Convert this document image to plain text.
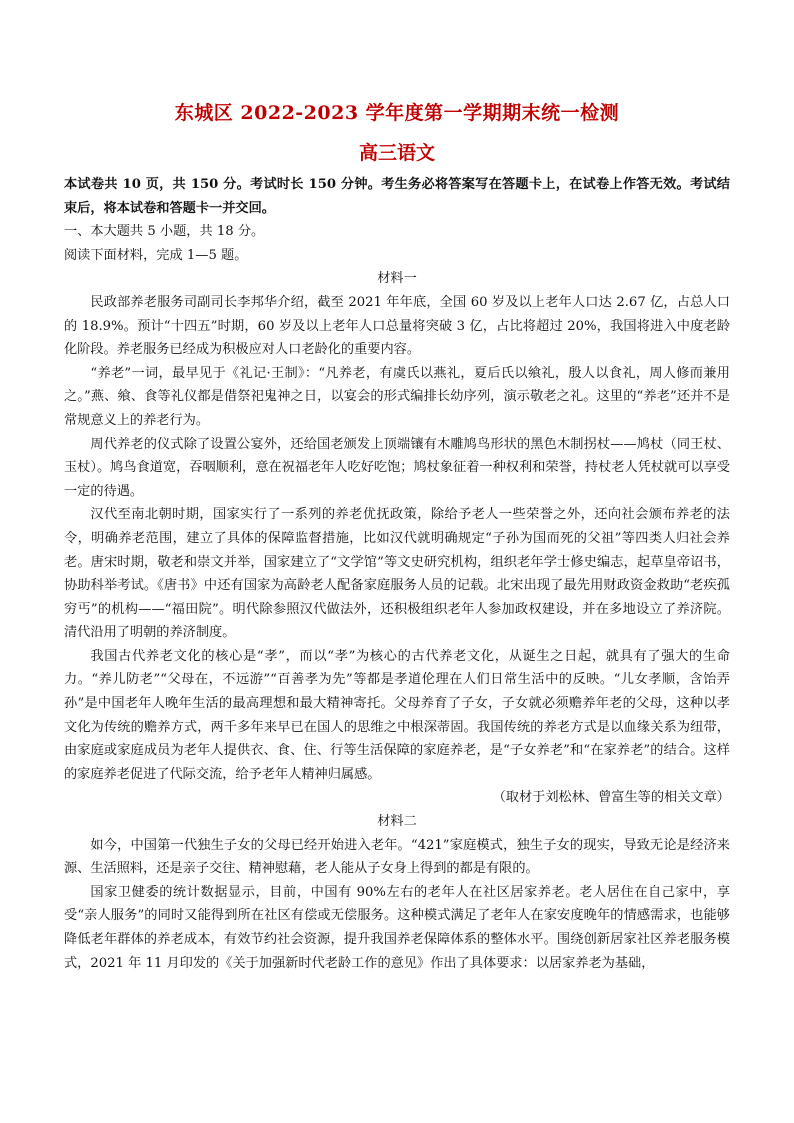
东城区 2022-2023 学年度第一学期期末统一检测
高三语文

本试卷共 10 页，共 150 分。考试时长 150 分钟。考生务必将答案写在答题卡上，在试卷上作答无效。考试结束后，将本试卷和答题卡一并交回。

一、本大题共 5 小题，共 18 分。

阅读下面材料，完成 1—5 题。

材料一

民政部养老服务司副司长李邦华介绍，截至 2021 年年底，全国 60 岁及以上老年人口达 2.67 亿，占总人口的 18.9%。预计“十四五”时期，60 岁及以上老年人口总量将突破 3 亿，占比将超过 20%，我国将进入中度老龄化阶段。养老服务已经成为积极应对人口老龄化的重要内容。

“养老”一词，最早见于《礼记·王制》：“凡养老，有虞氏以燕礼，夏后氏以飨礼，殷人以食礼，周人修而兼用之。”燕、飨、食等礼仪都是借祭祀鬼神之日，以宴会的形式编排长幼序列，演示敬老之礼。这里的“养老”还并不是常规意义上的养老行为。

周代养老的仪式除了设置公宴外，还给国老颁发上顶端镶有木雕鸠鸟形状的黑色木制拐杖——鸠杖（同王杖、玉杖）。鸠鸟食道宽，吞咽顺利，意在祝福老年人吃好吃饱；鸠杖象征着一种权利和荣誉，持杖老人凭杖就可以享受一定的待遇。

汉代至南北朝时期，国家实行了一系列的养老优抚政策，除给予老人一些荣誉之外，还向社会颁布养老的法令，明确养老范围，建立了具体的保障监督措施，比如汉代就明确规定“子孙为国而死的父祖”等四类人归社会养老。唐宋时期，敬老和崇文并举，国家建立了“文学馆”等文史研究机构，组织老年学士修史编志，起草皇帝诏书，协助科举考试。《唐书》中还有国家为高龄老人配备家庭服务人员的记载。北宋出现了最先用财政资金救助“老疾孤穷丐”的机构——“福田院”。明代除参照汉代做法外，还积极组织老年人参加政权建设，并在多地设立了养济院。清代沿用了明朝的养济制度。

我国古代养老文化的核心是“孝”，而以“孝”为核心的古代养老文化，从诞生之日起，就具有了强大的生命力。“养儿防老”“父母在，不远游”“百善孝为先”等都是孝道伦理在人们日常生活中的反映。“儿女孝顺，含饴弄孙”是中国老年人晚年生活的最高理想和最大精神寄托。父母养育了子女，子女就必须赡养年老的父母，这种以孝文化为传统的赡养方式，两千多年来早已在国人的思维之中根深蒂固。我国传统的养老方式是以血缘关系为纽带，由家庭或家庭成员为老年人提供衣、食、住、行等生活保障的家庭养老，是“子女养老”和“在家养老”的结合。这样的家庭养老促进了代际交流，给予老年人精神归属感。

（取材于刘松林、曾富生等的相关文章）

材料二

如今，中国第一代独生子女的父母已经开始进入老年。“421”家庭模式，独生子女的现实，导致无论是经济来源、生活照料，还是亲子交往、精神慰藉，老人能从子女身上得到的都是有限的。

国家卫健委的统计数据显示，目前，中国有 90%左右的老年人在社区居家养老。老人居住在自己家中，享受“亲人服务”的同时又能得到所在社区有偿或无偿服务。这种模式满足了老年人在家安度晚年的情感需求，也能够降低老年群体的养老成本，有效节约社会资源，提升我国养老保障体系的整体水平。围绕创新居家社区养老服务模式，2021 年 11 月印发的《关于加强新时代老龄工作的意见》作出了具体要求：以居家养老为基础，
